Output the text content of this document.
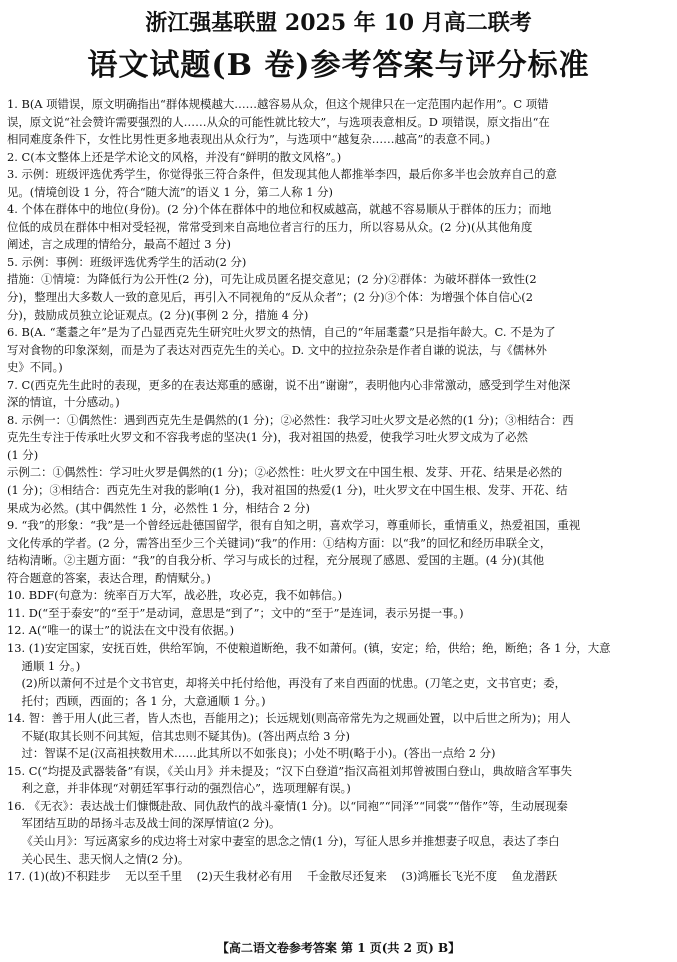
浙江强基联盟 2025 年 10 月高二联考
语文试题(B 卷)参考答案与评分标准
1. B(A 项错误，原文明确指出“群体规模越大……越容易从众，但这个规律只在一定范围内起作用”。C 项错
误，原文说“社会赞许需要强烈的人……从众的可能性就比较大”，与选项表意相反。D 项错误，原文指出“在
相同难度条件下，女性比男性更多地表现出从众行为”，与选项中“越复杂……越高”的表意不同。)
2. C(本文整体上还是学术论文的风格，并没有“鲜明的散文风格”。)
3. 示例：班级评选优秀学生，你觉得张三符合条件，但发现其他人都推举李四，最后你多半也会放弃自己的意
见。(情境创设 1 分，符合“随大流”的语义 1 分，第二人称 1 分)
4. 个体在群体中的地位(身份)。(2 分)个体在群体中的地位和权威越高，就越不容易顺从于群体的压力；而地
位低的成员在群体中相对受轻视，常常受到来自高地位者言行的压力，所以容易从众。(2 分)(从其他角度
阐述，言之成理的情给分，最高不超过 3 分)
5. 示例：事例：班级评选优秀学生的活动(2 分)
措施：①情境：为降低行为公开性(2 分)，可先让成员匿名提交意见；(2 分)②群体：为破坏群体一致性(2
分)，整理出大多数人一致的意见后，再引入不同视角的“反从众者”；(2 分)③个体：为增强个体自信心(2
分)，鼓励成员独立论证观点。(2 分)(事例 2 分，措施 4 分)
6. B(A. “耄耋之年”是为了凸显西克先生研究吐火罗文的热情，自己的“年届耄耋”只是指年龄大。C. 不是为了
写对食物的印象深刻，而是为了表达对西克先生的关心。D. 文中的拉拉杂杂是作者自谦的说法，与《儒林外
史》不同。)
7. C(西克先生此时的表现，更多的在表达郑重的感谢，说不出“谢谢”，表明他内心非常激动，感受到学生对他深
深的情谊，十分感动。)
8. 示例一：①偶然性：遇到西克先生是偶然的(1 分)；②必然性：我学习吐火罗文是必然的(1 分)；③相结合：西
克先生专注于传承吐火罗文和不容我考虑的坚决(1 分)，我对祖国的热爱，使我学习吐火罗文成为了必然
(1 分)
示例二：①偶然性：学习吐火罗是偶然的(1 分)；②必然性：吐火罗文在中国生根、发芽、开花、结果是必然的
(1 分)；③相结合：西克先生对我的影响(1 分)，我对祖国的热爱(1 分)，吐火罗文在中国生根、发芽、开花、结
果成为必然。(其中偶然性 1 分，必然性 1 分，相结合 2 分)
9. “我”的形象：“我”是一个曾经远赴德国留学，很有自知之明，喜欢学习，尊重师长，重情重义，热爱祖国，重视
文化传承的学者。(2 分，需答出至少三个关键词)“我”的作用：①结构方面：以“我”的回忆和经历串联全文，
结构清晰。②主题方面：“我”的自我分析、学习与成长的过程，充分展现了感恩、爱国的主题。(4 分)(其他
符合题意的答案，表达合理，酌情赋分。)
10. BDF(句意为：统率百万大军，战必胜，攻必克，我不如韩信。)
11. D(“至于泰安”的“至于”是动词，意思是“到了”；文中的“至于”是连词，表示另提一事。)
12. A(“唯一的谋士”的说法在文中没有依据。)
13. (1)安定国家，安抚百姓，供给军饷，不使粮道断绝，我不如萧何。(镇，安定；给，供给；绝，断绝；各 1 分，大意
通顺 1 分。)
(2)所以萧何不过是个文书官吏，却将关中托付给他，再没有了来自西面的忧患。(刀笔之吏，文书官吏；委，
托付；西顾，西面的；各 1 分，大意通顺 1 分。)
14. 智：善于用人(此三者，皆人杰也，吾能用之)；长远规划(则高帝常先为之规画处置，以中后世之所为)；用人
不疑(取其长则不问其短，信其忠则不疑其伪)。(答出两点给 3 分)
过：智谋不足(汉高祖挟数用术……此其所以不如张良)；小处不明(略于小)。(答出一点给 2 分)
15. C(“均提及武器装备”有误，《关山月》并未提及；“汉下白登道”指汉高祖刘邦曾被围白登山，典故暗含军事失
利之意，并非体现“对朝廷军事行动的强烈信心”，选项理解有误。)
16. 《无衣》：表达战士们慷慨赴敌、同仇敌忾的战斗豪情(1 分)。以“同袍”“同泽”“同裳”“偕作”等，生动展现秦
军团结互助的昂扬斗志及战士间的深厚情谊(2 分)。
《关山月》：写远离家乡的戍边将士对家中妻室的思念之情(1 分)，写征人思乡并推想妻子叹息，表达了李白
关心民生、悲天悯人之情(2 分)。
17. (1)(故)不积跬步    无以至千里    (2)天生我材必有用    千金散尽还复来    (3)鸿雁长飞光不度    鱼龙潜跃
【高二语文卷参考答案 第 1 页(共 2 页) B】
